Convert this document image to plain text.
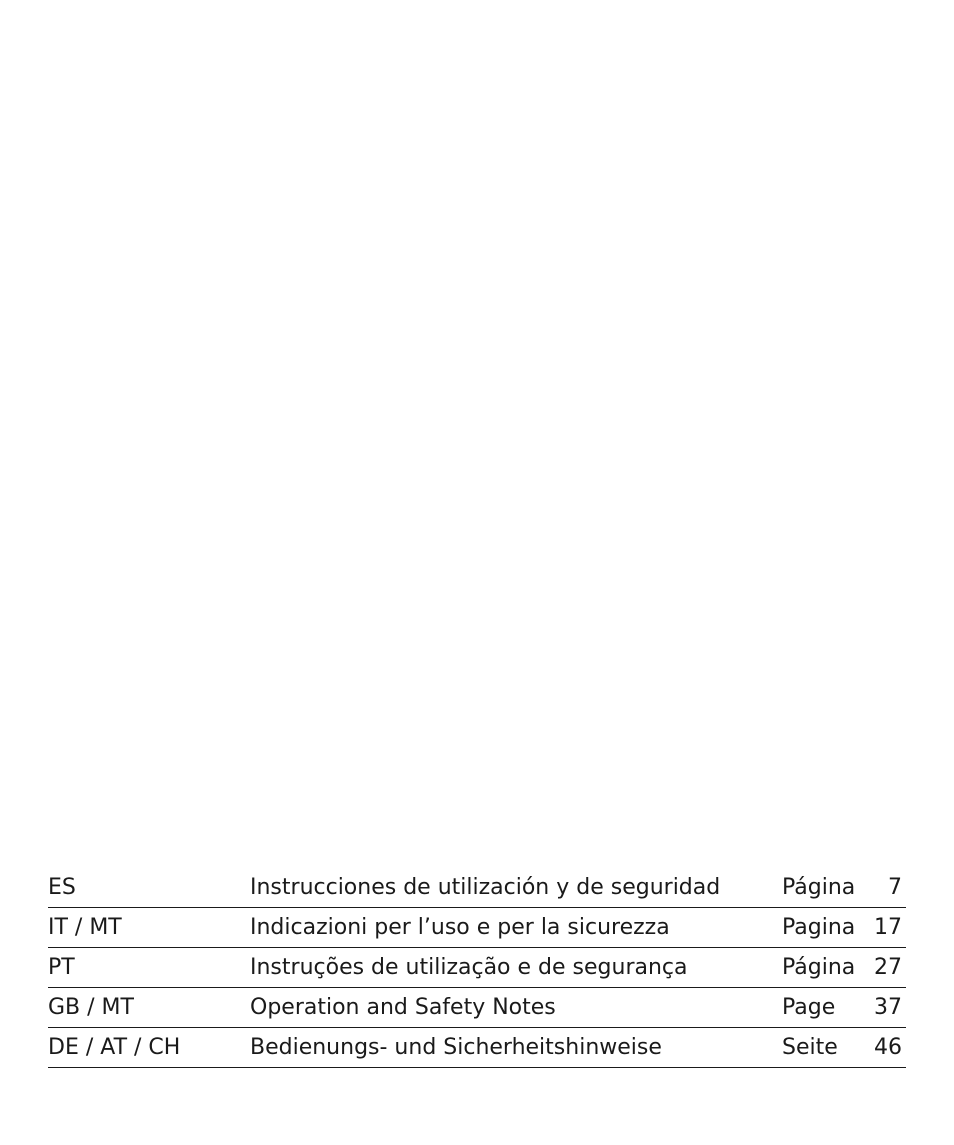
ES	Instrucciones de utilización y de seguridad	Página 7
IT / MT	Indicazioni per l’uso e per la sicurezza	Pagina 17
PT	Instruções de utilização e de segurança	Página 27
GB / MT	Operation and Safety Notes	Page 37
DE / AT / CH	Bedienungs- und Sicherheitshinweise	Seite 46
